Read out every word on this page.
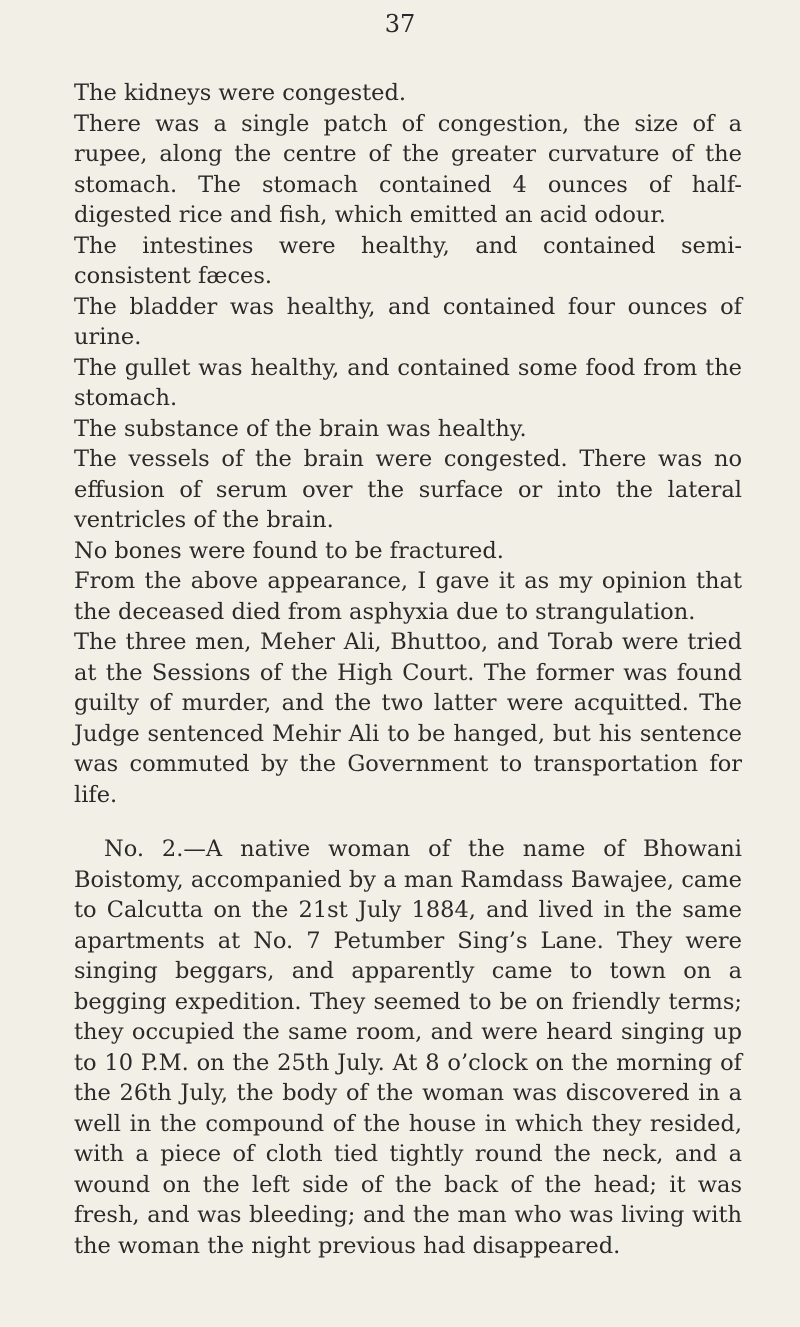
37

The kidneys were congested.

There was a single patch of congestion, the size of a rupee, along the centre of the greater curvature of the stomach. The stomach contained 4 ounces of half-digested rice and fish, which emitted an acid odour.

The intestines were healthy, and contained semi-consistent fæces.

The bladder was healthy, and contained four ounces of urine.

The gullet was healthy, and contained some food from the stomach.

The substance of the brain was healthy.

The vessels of the brain were congested. There was no effusion of serum over the surface or into the lateral ventricles of the brain.

No bones were found to be fractured.

From the above appearance, I gave it as my opinion that the deceased died from asphyxia due to strangulation.

The three men, Meher Ali, Bhuttoo, and Torab were tried at the Sessions of the High Court. The former was found guilty of murder, and the two latter were acquitted. The Judge sentenced Mehir Ali to be hanged, but his sentence was commuted by the Government to transportation for life.

No. 2.—A native woman of the name of Bhowani Boistomy, accompanied by a man Ramdass Bawajee, came to Calcutta on the 21st July 1884, and lived in the same apartments at No. 7 Petumber Sing’s Lane. They were singing beggars, and apparently came to town on a begging expedition. They seemed to be on friendly terms; they occupied the same room, and were heard singing up to 10 P.M. on the 25th July. At 8 o’clock on the morning of the 26th July, the body of the woman was discovered in a well in the compound of the house in which they resided, with a piece of cloth tied tightly round the neck, and a wound on the left side of the back of the head; it was fresh, and was bleeding; and the man who was living with the woman the night previous had disappeared.
